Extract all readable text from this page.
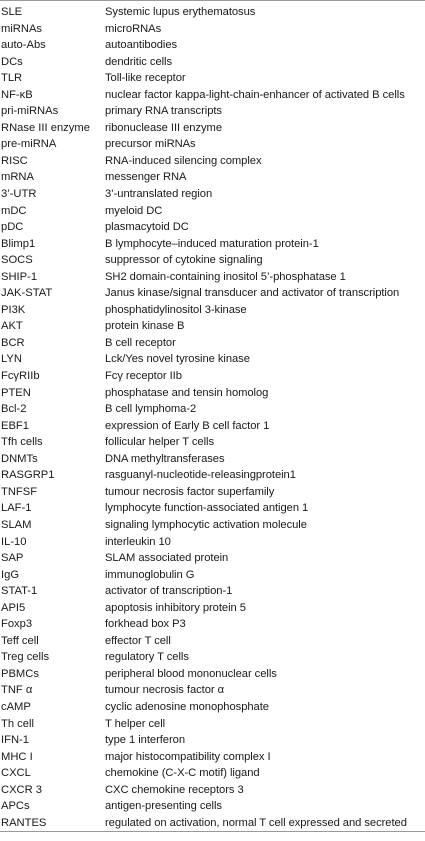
SLE	Systemic lupus erythematosus
miRNAs	microRNAs
auto-Abs	autoantibodies
DCs	dendritic cells
TLR	Toll-like receptor
NF-κB	nuclear factor kappa-light-chain-enhancer of activated B cells
pri-miRNAs	primary RNA transcripts
RNase III enzyme	ribonuclease III enzyme
pre-miRNA	precursor miRNAs
RISC	RNA-induced silencing complex
mRNA	messenger RNA
3’-UTR	3’-untranslated region
mDC	myeloid DC
pDC	plasmacytoid DC
Blimp1	B lymphocyte–induced maturation protein-1
SOCS	suppressor of cytokine signaling
SHIP-1	SH2 domain-containing inositol 5’-phosphatase 1
JAK-STAT	Janus kinase/signal transducer and activator of transcription
PI3K	phosphatidylinositol 3-kinase
AKT	protein kinase B
BCR	B cell receptor
LYN	Lck/Yes novel tyrosine kinase
FcγRIIb	Fcγ receptor IIb
PTEN	phosphatase and tensin homolog
Bcl-2	B cell lymphoma-2
EBF1	expression of Early B cell factor 1
Tfh cells	follicular helper T cells
DNMTs	DNA methyltransferases
RASGRP1	rasguanyl-nucleotide-releasingprotein1
TNFSF	tumour necrosis factor superfamily
LAF-1	lymphocyte function-associated antigen 1
SLAM	signaling lymphocytic activation molecule
IL-10	interleukin 10
SAP	SLAM associated protein
IgG	immunoglobulin G
STAT-1	activator of transcription-1
API5	apoptosis inhibitory protein 5
Foxp3	forkhead box P3
Teff cell	effector T cell
Treg cells	regulatory T cells
PBMCs	peripheral blood mononuclear cells
TNF α	tumour necrosis factor α
cAMP	cyclic adenosine monophosphate
Th cell	T helper cell
IFN-1	type 1 interferon
MHC I	major histocompatibility complex I
CXCL	chemokine (C-X-C motif) ligand
CXCR 3	CXC chemokine receptors 3
APCs	antigen-presenting cells
RANTES	regulated on activation, normal T cell expressed and secreted
